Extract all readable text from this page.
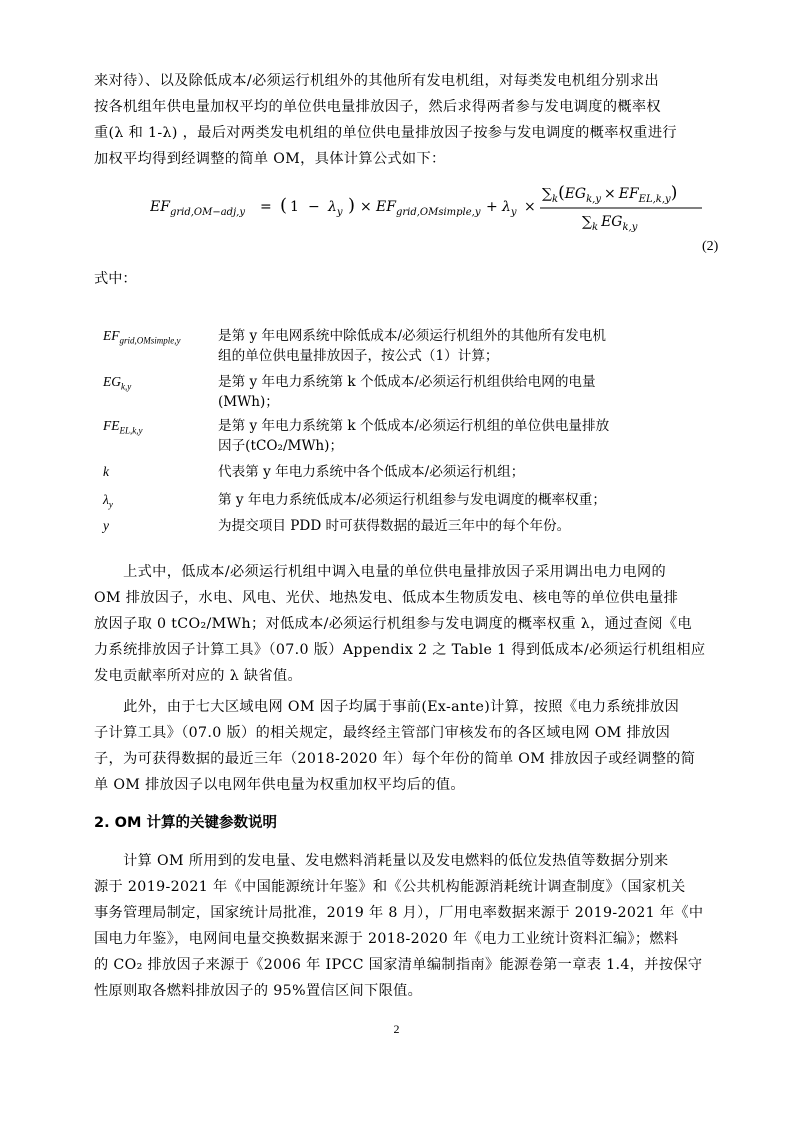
来对待）、以及除低成本/必须运行机组外的其他所有发电机组，对每类发电机组分别求出
按各机组年供电量加权平均的单位供电量排放因子，然后求得两者参与发电调度的概率权
重(λ 和 1-λ) ，最后对两类发电机组的单位供电量排放因子按参与发电调度的概率权重进行
加权平均得到经调整的简单 OM，具体计算公式如下：
$EF_{grid,OM-adj,y}$ = ( $1 - \lambda_y$ ) × $EF_{grid,OMsimple,y} + \lambda_y$ ×
$\sum_k(EG_{k,y} \times EF_{EL,k,y})$
$\sum_k$ $EG_{k,y}$
(2)
式中：
$EF_{grid,OMsimple,y}$	是第 y 年电网系统中除低成本/必须运行机组外的其他所有发电机
组的单位供电量排放因子，按公式（1）计算；
$EG_{k,y}$	是第 y 年电力系统第 k 个低成本/必须运行机组供给电网的电量
(MWh)；
$FE_{EL,k,y}$	是第 y 年电力系统第 k 个低成本/必须运行机组的单位供电量排放
因子(tCO₂/MWh)；
k	代表第 y 年电力系统中各个低成本/必须运行机组；
$\lambda_y$	第 y 年电力系统低成本/必须运行机组参与发电调度的概率权重；
y	为提交项目 PDD 时可获得数据的最近三年中的每个年份。
　　上式中，低成本/必须运行机组中调入电量的单位供电量排放因子采用调出电力电网的
OM 排放因子，水电、风电、光伏、地热发电、低成本生物质发电、核电等的单位供电量排
放因子取 0 tCO₂/MWh；对低成本/必须运行机组参与发电调度的概率权重 λ，通过查阅《电
力系统排放因子计算工具》（07.0 版）Appendix 2 之 Table 1 得到低成本/必须运行机组相应
发电贡献率所对应的 λ 缺省值。
　　此外，由于七大区域电网 OM 因子均属于事前(Ex-ante)计算，按照《电力系统排放因
子计算工具》（07.0 版）的相关规定，最终经主管部门审核发布的各区域电网 OM 排放因
子，为可获得数据的最近三年（2018-2020 年）每个年份的简单 OM 排放因子或经调整的简
单 OM 排放因子以电网年供电量为权重加权平均后的值。
2. OM 计算的关键参数说明
　　计算 OM 所用到的发电量、发电燃料消耗量以及发电燃料的低位发热值等数据分别来
源于 2019-2021 年《中国能源统计年鉴》和《公共机构能源消耗统计调查制度》（国家机关
事务管理局制定，国家统计局批准，2019 年 8 月），厂用电率数据来源于 2019-2021 年《中
国电力年鉴》，电网间电量交换数据来源于 2018-2020 年《电力工业统计资料汇编》；燃料
的 CO₂ 排放因子来源于《2006 年 IPCC 国家清单编制指南》能源卷第一章表 1.4，并按保守
性原则取各燃料排放因子的 95%置信区间下限值。
2
